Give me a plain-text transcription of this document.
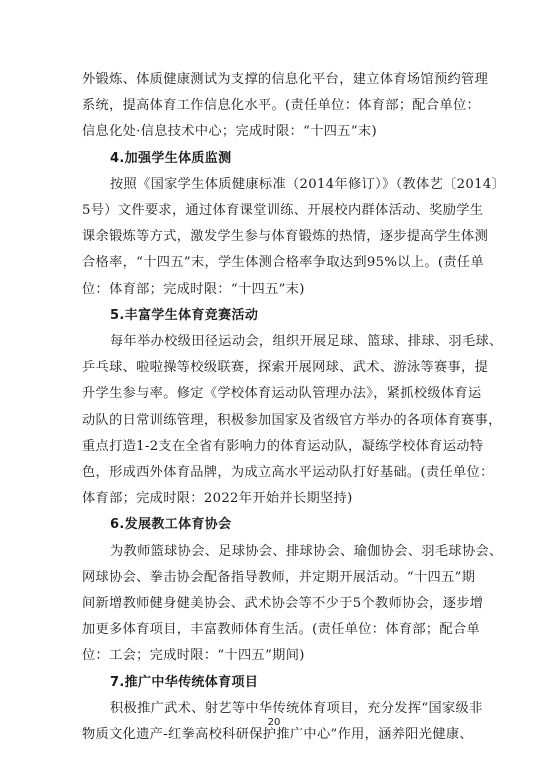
外锻炼、体质健康测试为支撑的信息化平台，建立体育场馆预约管理
系统，提高体育工作信息化水平。(责任单位：体育部；配合单位：
信息化处·信息技术中心；完成时限：“十四五”末)
4.加强学生体质监测
按照《国家学生体质健康标准（2014年修订）》（教体艺〔2014〕
5号）文件要求，通过体育课堂训练、开展校内群体活动、奖励学生
课余锻炼等方式，激发学生参与体育锻炼的热情，逐步提高学生体测
合格率，“十四五”末，学生体测合格率争取达到95%以上。(责任单
位：体育部；完成时限：“十四五”末)
5.丰富学生体育竞赛活动
每年举办校级田径运动会，组织开展足球、篮球、排球、羽毛球、
乒乓球、啦啦操等校级联赛，探索开展网球、武术、游泳等赛事，提
升学生参与率。修定《学校体育运动队管理办法》，紧抓校级体育运
动队的日常训练管理，积极参加国家及省级官方举办的各项体育赛事，
重点打造1-2支在全省有影响力的体育运动队，凝练学校体育运动特
色，形成西外体育品牌，为成立高水平运动队打好基础。(责任单位：
体育部；完成时限：2022年开始并长期坚持)
6.发展教工体育协会
为教师篮球协会、足球协会、排球协会、瑜伽协会、羽毛球协会、
网球协会、拳击协会配备指导教师，并定期开展活动。“十四五”期
间新增教师健身健美协会、武术协会等不少于5个教师协会，逐步增
加更多体育项目，丰富教师体育生活。(责任单位：体育部；配合单
位：工会；完成时限：“十四五”期间)
7.推广中华传统体育项目
积极推广武术、射艺等中华传统体育项目，充分发挥“国家级非
物质文化遗产-红拳高校科研保护推广中心”作用，涵养阳光健康、
20
